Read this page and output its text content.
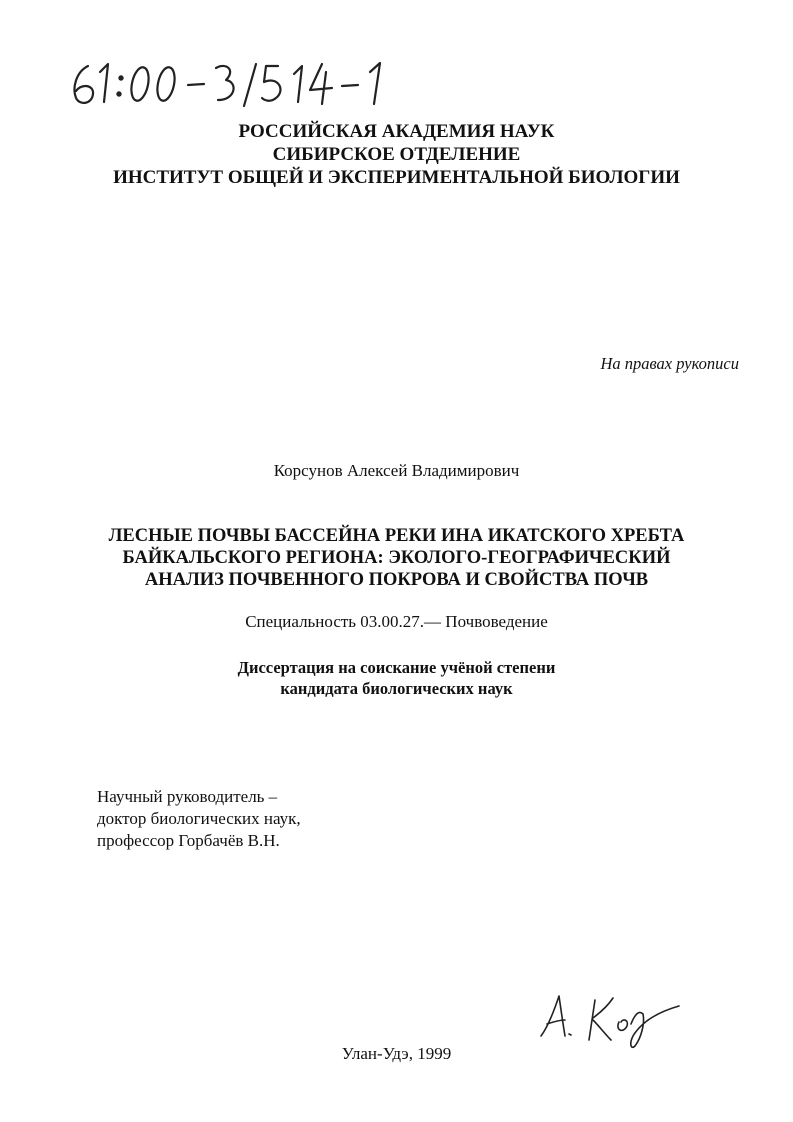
РОССИЙСКАЯ АКАДЕМИЯ НАУК
СИБИРСКОЕ ОТДЕЛЕНИЕ
ИНСТИТУТ ОБЩЕЙ И ЭКСПЕРИМЕНТАЛЬНОЙ БИОЛОГИИ
На правах рукописи
Корсунов Алексей Владимирович
ЛЕСНЫЕ ПОЧВЫ БАССЕЙНА РЕКИ ИНА ИКАТСКОГО ХРЕБТА
БАЙКАЛЬСКОГО РЕГИОНА: ЭКОЛОГО-ГЕОГРАФИЧЕСКИЙ
АНАЛИЗ ПОЧВЕННОГО ПОКРОВА И СВОЙСТВА ПОЧВ
Специальность 03.00.27.— Почвоведение
Диссертация на соискание учёной степени
кандидата биологических наук
Научный руководитель –
доктор биологических наук,
профессор Горбачёв В.Н.
Улан-Удэ, 1999
